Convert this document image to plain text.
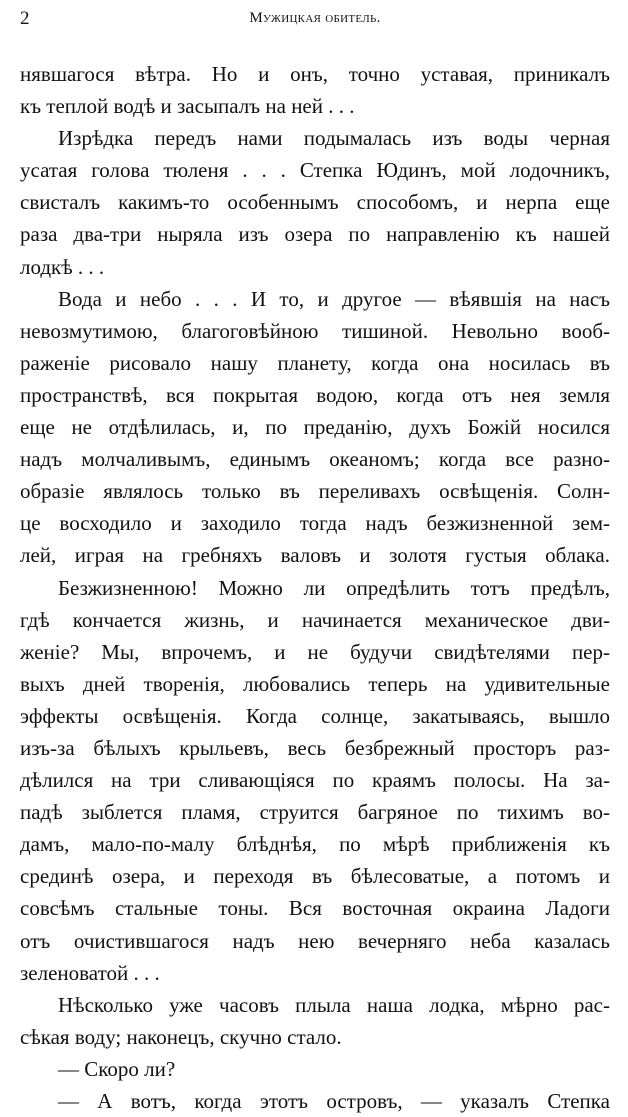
2	Мужицкая обитель.
нявшагося вѣтра. Но и онъ, точно уставая, приникалъ
къ теплой водѣ и засыпалъ на ней . . .
Изрѣдка передъ нами подымалась изъ воды черная
усатая голова тюленя . . . Степка Юдинъ, мой лодочникъ,
свисталъ какимъ-то особеннымъ способомъ, и нерпа еще
раза два-три ныряла изъ озера по направленію къ нашей
лодкѣ . . .
Вода и небо . . . И то, и другое — вѣявшія на насъ
невозмутимою, благоговѣйною тишиной. Невольно вооб-
раженіе рисовало нашу планету, когда она носилась въ
пространствѣ, вся покрытая водою, когда отъ нея земля
еще не отдѣлилась, и, по преданію, духъ Божій носился
надъ молчаливымъ, единымъ океаномъ; когда все разно-
образіе являлось только въ переливахъ освѣщенія. Солн-
це восходило и заходило тогда надъ безжизненной зем-
лей, играя на гребняхъ валовъ и золотя густыя облака.
Безжизненною! Можно ли опредѣлить тотъ предѣлъ,
гдѣ кончается жизнь, и начинается механическое дви-
женіе? Мы, впрочемъ, и не будучи свидѣтелями пер-
выхъ дней творенія, любовались теперь на удивительные
эффекты освѣщенія. Когда солнце, закатываясь, вышло
изъ-за бѣлыхъ крыльевъ, весь безбрежный просторъ раз-
дѣлился на три сливающіяся по краямъ полосы. На за-
падѣ зыблется пламя, струится багряное по тихимъ во-
дамъ, мало-по-малу блѣднѣя, по мѣрѣ приближенія къ
срединѣ озера, и переходя въ бѣлесоватые, а потомъ и
совсѣмъ стальные тоны. Вся восточная окраина Ладоги
отъ очистившагося надъ нею вечерняго неба казалась
зеленоватой . . .
Нѣсколько уже часовъ плыла наша лодка, мѣрно рас-
сѣкая воду; наконецъ, скучно стало.
— Скоро ли?
— А вотъ, когда этотъ островъ, — указалъ Степка
